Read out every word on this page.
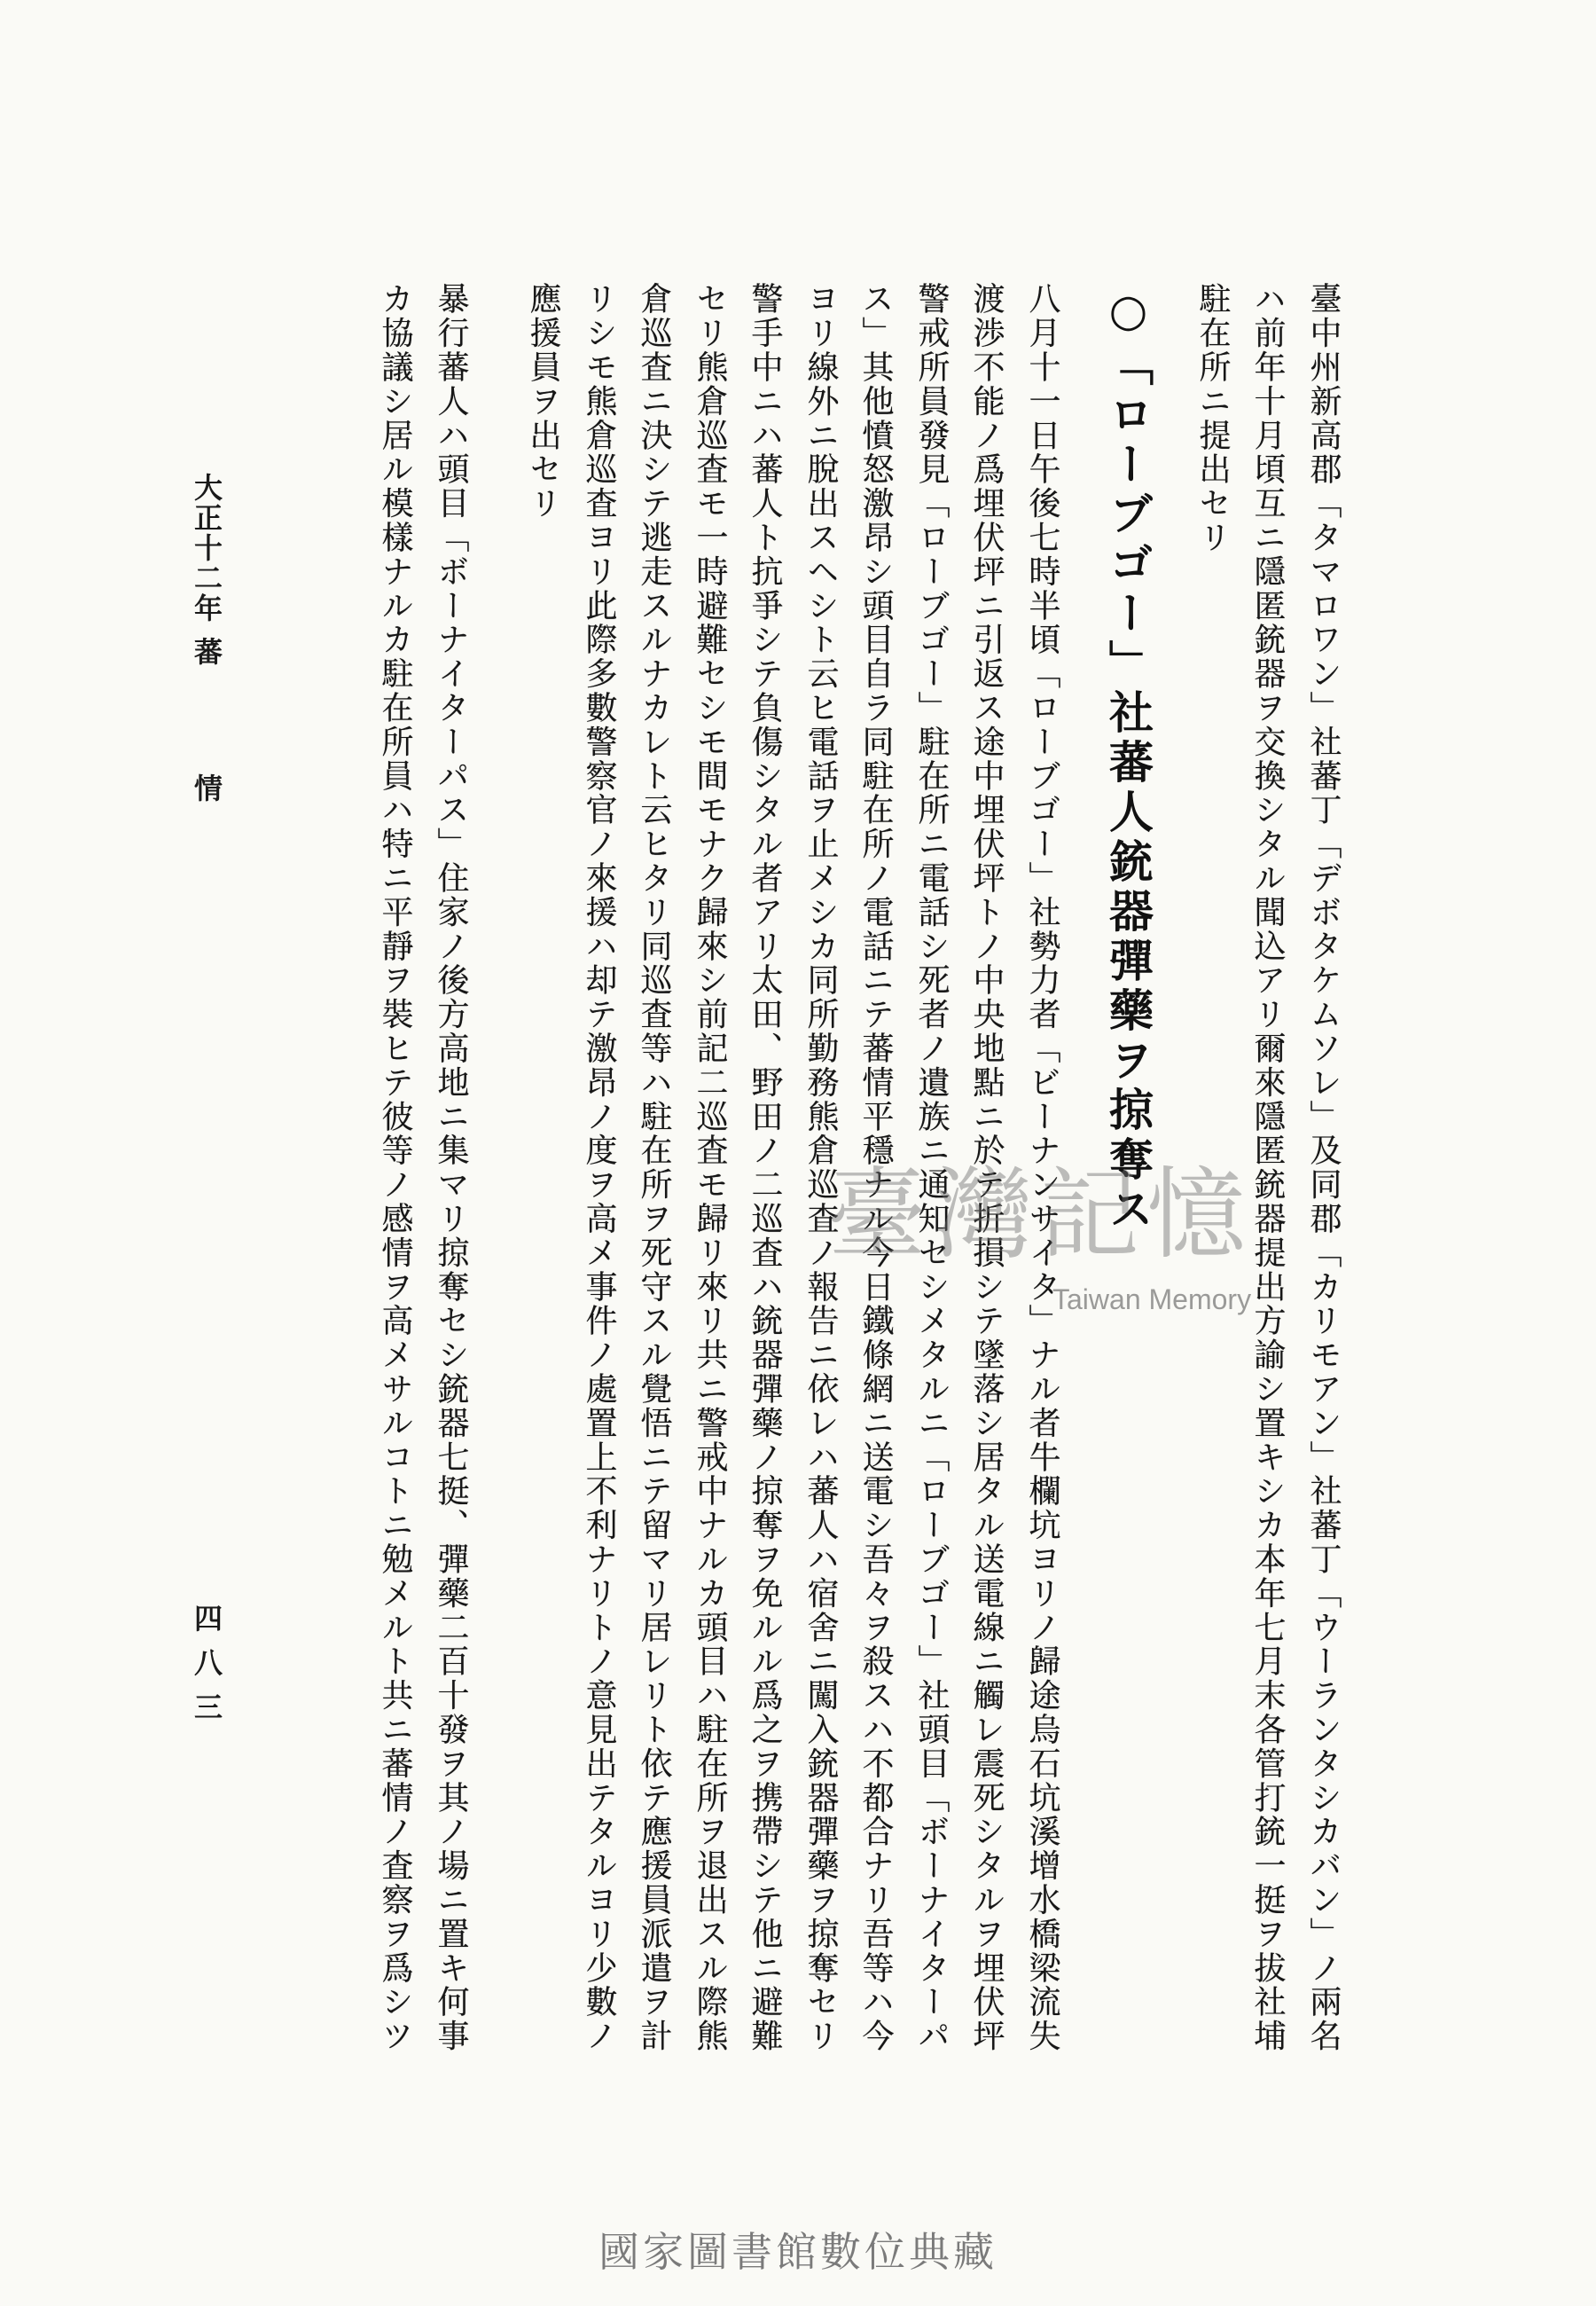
臺中州新高郡「タマロワン」社蕃丁「デボタケムソレ」及同郡「カリモアン」社蕃丁「ウーランタシカバン」ノ兩名
ハ前年十月頃互ニ隱匿銃器ヲ交換シタル聞込アリ爾來隱匿銃器提出方諭シ置キシカ本年七月末各管打銃一挺ヲ拔社埔
駐在所ニ提出セリ
○「ローブゴー」社蕃人銃器彈藥ヲ掠奪ス
八月十一日午後七時半頃「ローブゴー」社勢力者「ビーナンサイタ」ナル者牛欄坑ヨリノ歸途烏石坑溪增水橋梁流失
渡渉不能ノ爲埋伏坪ニ引返ス途中埋伏坪トノ中央地點ニ於テ折損シテ墜落シ居タル送電線ニ觸レ震死シタルヲ埋伏坪
警戒所員發見「ローブゴー」駐在所ニ電話シ死者ノ遺族ニ通知セシメタルニ「ローブゴー」社頭目「ボーナイターパ
ス」其他憤怒激昂シ頭目自ラ同駐在所ノ電話ニテ蕃情平穩ナル今日鐵條網ニ送電シ吾々ヲ殺スハ不都合ナリ吾等ハ今
ヨリ線外ニ脫出スヘシト云ヒ電話ヲ止メシカ同所勤務熊倉巡査ノ報告ニ依レハ蕃人ハ宿舍ニ闖入銃器彈藥ヲ掠奪セリ
警手中ニハ蕃人ト抗爭シテ負傷シタル者アリ太田、野田ノ二巡査ハ銃器彈藥ノ掠奪ヲ免ルル爲之ヲ携帶シテ他ニ避難
セリ熊倉巡査モ一時避難セシモ間モナク歸來シ前記二巡査モ歸リ來リ共ニ警戒中ナルカ頭目ハ駐在所ヲ退出スル際熊
倉巡査ニ決シテ逃走スルナカレト云ヒタリ同巡査等ハ駐在所ヲ死守スル覺悟ニテ留マリ居レリト依テ應援員派遣ヲ計
リシモ熊倉巡査ヨリ此際多數警察官ノ來援ハ却テ激昂ノ度ヲ高メ事件ノ處置上不利ナリトノ意見出テタルヨリ少數ノ
應援員ヲ出セリ
暴行蕃人ハ頭目「ボーナイターパス」住家ノ後方高地ニ集マリ掠奪セシ銃器七挺、彈藥二百十發ヲ其ノ場ニ置キ何事
カ協議シ居ル模樣ナルカ駐在所員ハ特ニ平靜ヲ裝ヒテ彼等ノ感情ヲ高メサルコトニ勉メルト共ニ蕃情ノ査察ヲ爲シツ
大正十二年
蕃情
四八三
臺灣記憶
Taiwan Memory
國家圖書館數位典藏
